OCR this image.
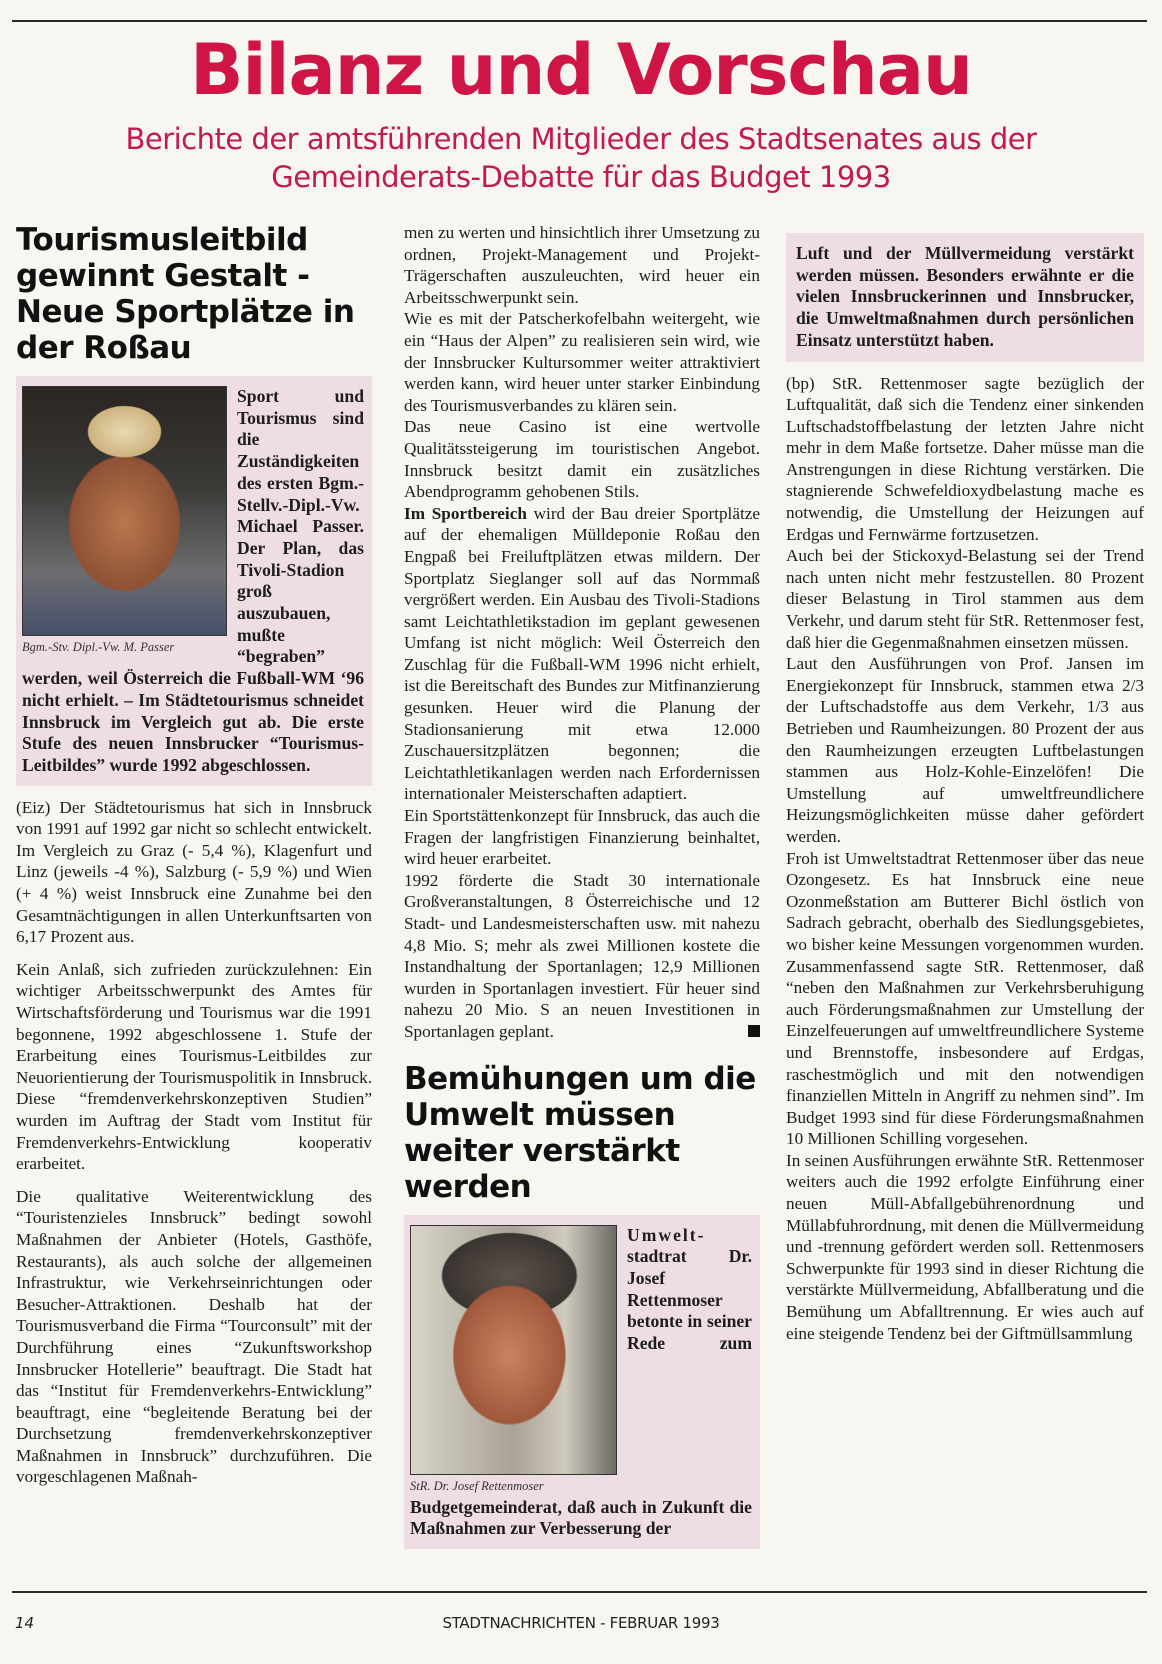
Bilanz und Vorschau
Berichte der amtsführenden Mitglieder des Stadtsenates aus der Gemeinderats-Debatte für das Budget 1993
Tourismusleitbild gewinnt Gestalt - Neue Sportplätze in der Roßau
Bgm.-Stv. Dipl.-Vw. M. Passer

Sport und Tourismus sind die Zuständigkeiten des ersten Bgm.-Stellv.-Dipl.-Vw. Michael Passer. Der Plan, das Tivoli-Stadion groß auszubauen, mußte “begraben” werden, weil Österreich die Fußball-WM ‘96 nicht erhielt. – Im Städtetourismus schneidet Innsbruck im Vergleich gut ab. Die erste Stufe des neuen Innsbrucker “Tourismus-Leitbildes” wurde 1992 abgeschlossen.

(Eiz) Der Städtetourismus hat sich in Innsbruck von 1991 auf 1992 gar nicht so schlecht entwickelt. Im Vergleich zu Graz (- 5,4 %), Klagenfurt und Linz (jeweils -4 %), Salzburg (- 5,9 %) und Wien (+ 4 %) weist Innsbruck eine Zunahme bei den Gesamtnächtigungen in allen Unterkunftsarten von 6,17 Prozent aus.

Kein Anlaß, sich zufrieden zurückzulehnen: Ein wichtiger Arbeitsschwerpunkt des Amtes für Wirtschaftsförderung und Tourismus war die 1991 begonnene, 1992 abgeschlossene 1. Stufe der Erarbeitung eines Tourismus-Leitbildes zur Neuorientierung der Tourismuspolitik in Innsbruck. Diese “fremdenverkehrskonzeptiven Studien” wurden im Auftrag der Stadt vom Institut für Fremdenverkehrs-Entwicklung kooperativ erarbeitet.

Die qualitative Weiterentwicklung des “Touristenzieles Innsbruck” bedingt sowohl Maßnahmen der Anbieter (Hotels, Gasthöfe, Restaurants), als auch solche der allgemeinen Infrastruktur, wie Verkehrseinrichtungen oder Besucher-Attraktionen. Deshalb hat der Tourismusverband die Firma “Tourconsult” mit der Durchführung eines “Zukunftsworkshop Innsbrucker Hotellerie” beauftragt. Die Stadt hat das “Institut für Fremdenverkehrs-Entwicklung” beauftragt, eine “begleitende Beratung bei der Durchsetzung fremdenverkehrskonzeptiver Maßnahmen in Innsbruck” durchzuführen. Die vorgeschlagenen Maßnah-

men zu werten und hinsichtlich ihrer Umsetzung zu ordnen, Projekt-Management und Projekt-Trägerschaften auszuleuchten, wird heuer ein Arbeitsschwerpunkt sein.

Wie es mit der Patscherkofelbahn weitergeht, wie ein “Haus der Alpen” zu realisieren sein wird, wie der Innsbrucker Kultursommer weiter attraktiviert werden kann, wird heuer unter starker Einbindung des Tourismusverbandes zu klären sein.

Das neue Casino ist eine wertvolle Qualitätssteigerung im touristischen Angebot. Innsbruck besitzt damit ein zusätzliches Abendprogramm gehobenen Stils.

Im Sportbereich wird der Bau dreier Sportplätze auf der ehemaligen Mülldeponie Roßau den Engpaß bei Freiluftplätzen etwas mildern. Der Sportplatz Sieglanger soll auf das Normmaß vergrößert werden. Ein Ausbau des Tivoli-Stadions samt Leichtathletikstadion im geplant gewesenen Umfang ist nicht möglich: Weil Österreich den Zuschlag für die Fußball-WM 1996 nicht erhielt, ist die Bereitschaft des Bundes zur Mitfinanzierung gesunken. Heuer wird die Planung der Stadionsanierung mit etwa 12.000 Zuschauersitzplätzen begonnen; die Leichtathletikanlagen werden nach Erfordernissen internationaler Meisterschaften adaptiert.

Ein Sportstättenkonzept für Innsbruck, das auch die Fragen der langfristigen Finanzierung beinhaltet, wird heuer erarbeitet.

1992 förderte die Stadt 30 internationale Großveranstaltungen, 8 Österreichische und 12 Stadt- und Landesmeisterschaften usw. mit nahezu 4,8 Mio. S; mehr als zwei Millionen kostete die Instandhaltung der Sportanlagen; 12,9 Millionen wurden in Sportanlagen investiert. Für heuer sind nahezu 20 Mio. S an neuen Investitionen in Sportanlagen geplant.

Bemühungen um die Umwelt müssen weiter verstärkt werden
StR. Dr. Josef Rettenmoser

Umwelt- stadtrat Dr. Josef Rettenmoser betonte in seiner Rede zum Budgetgemeinderat, daß auch in Zukunft die Maßnahmen zur Verbesserung der

Luft und der Müllvermeidung verstärkt werden müssen. Besonders erwähnte er die vielen Innsbruckerinnen und Innsbrucker, die Umweltmaßnahmen durch persönlichen Einsatz unterstützt haben.

(bp) StR. Rettenmoser sagte bezüglich der Luftqualität, daß sich die Tendenz einer sinkenden Luftschadstoffbelastung der letzten Jahre nicht mehr in dem Maße fortsetze. Daher müsse man die Anstrengungen in diese Richtung verstärken. Die stagnierende Schwefeldioxydbelastung mache es notwendig, die Umstellung der Heizungen auf Erdgas und Fernwärme fortzusetzen.

Auch bei der Stickoxyd-Belastung sei der Trend nach unten nicht mehr festzustellen. 80 Prozent dieser Belastung in Tirol stammen aus dem Verkehr, und darum steht für StR. Rettenmoser fest, daß hier die Gegenmaßnahmen einsetzen müssen.

Laut den Ausführungen von Prof. Jansen im Energiekonzept für Innsbruck, stammen etwa 2/3 der Luftschadstoffe aus dem Verkehr, 1/3 aus Betrieben und Raumheizungen. 80 Prozent der aus den Raumheizungen erzeugten Luftbelastungen stammen aus Holz-Kohle-Einzelöfen! Die Umstellung auf umweltfreundlichere Heizungsmöglichkeiten müsse daher gefördert werden.

Froh ist Umweltstadtrat Rettenmoser über das neue Ozongesetz. Es hat Innsbruck eine neue Ozonmeßstation am Butterer Bichl östlich von Sadrach gebracht, oberhalb des Siedlungsgebietes, wo bisher keine Messungen vorgenommen wurden. Zusammenfassend sagte StR. Rettenmoser, daß “neben den Maßnahmen zur Verkehrsberuhigung auch Förderungsmaßnahmen zur Umstellung der Einzelfeuerungen auf umweltfreundlichere Systeme und Brennstoffe, insbesondere auf Erdgas, raschestmöglich und mit den notwendigen finanziellen Mitteln in Angriff zu nehmen sind”. Im Budget 1993 sind für diese Förderungsmaßnahmen 10 Millionen Schilling vorgesehen.

In seinen Ausführungen erwähnte StR. Rettenmoser weiters auch die 1992 erfolgte Einführung einer neuen Müll-Abfallgebührenordnung und Müllabfuhrordnung, mit denen die Müllvermeidung und -trennung gefördert werden soll. Rettenmosers Schwerpunkte für 1993 sind in dieser Richtung die verstärkte Müllvermeidung, Abfallberatung und die Bemühung um Abfalltrennung. Er wies auch auf eine steigende Tendenz bei der Giftmüllsammlung

14	STADTNACHRICHTEN - FEBRUAR 1993
